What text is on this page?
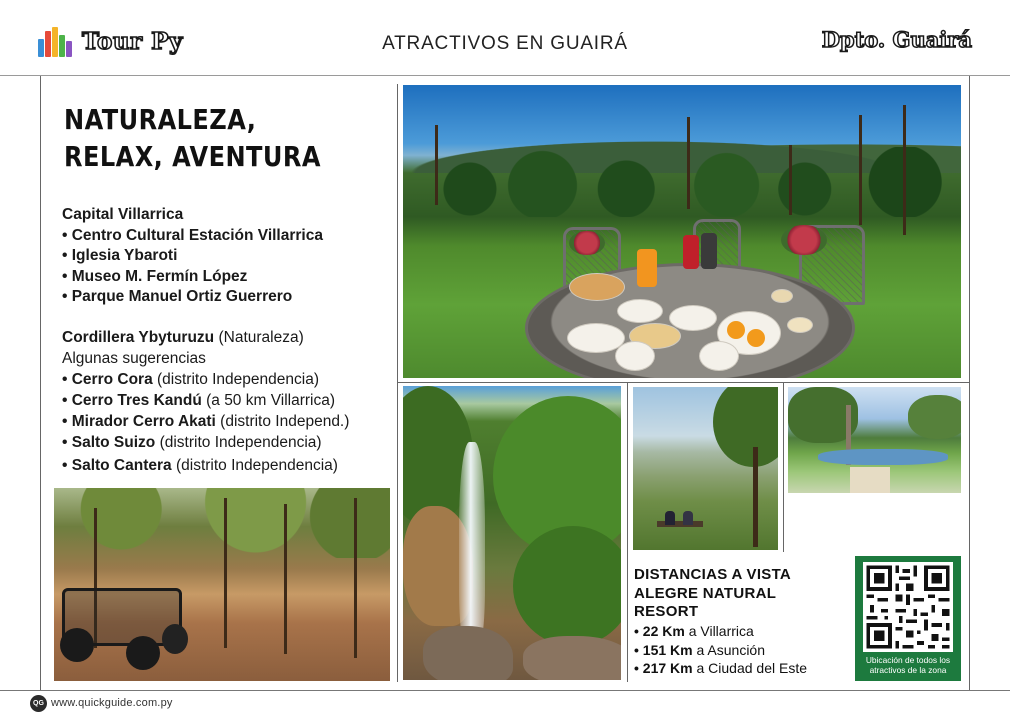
Tour Py	ATRACTIVOS EN GUAIRÁ	Dpto. Guairá
NATURALEZA,
RELAX, AVENTURA
Capital Villarrica
• Centro Cultural Estación Villarrica
• Iglesia Ybaroti
• Museo M. Fermín López
• Parque Manuel Ortiz Guerrero
Cordillera Ybyturuzu (Naturaleza)
Algunas sugerencias
• Cerro Cora (distrito Independencia)
• Cerro Tres Kandú (a 50 km Villarrica)
• Mirador Cerro Akati (distrito Independ.)
• Salto Suizo (distrito Independencia)
• Salto Cantera (distrito Independencia)
DISTANCIAS A VISTA
ALEGRE NATURAL
RESORT
• 22 Km a Villarrica
• 151 Km a Asunción
• 217 Km a Ciudad del Este	Ubicación de todos los
atractivos de la zona
QG www.quickguide.com.py
